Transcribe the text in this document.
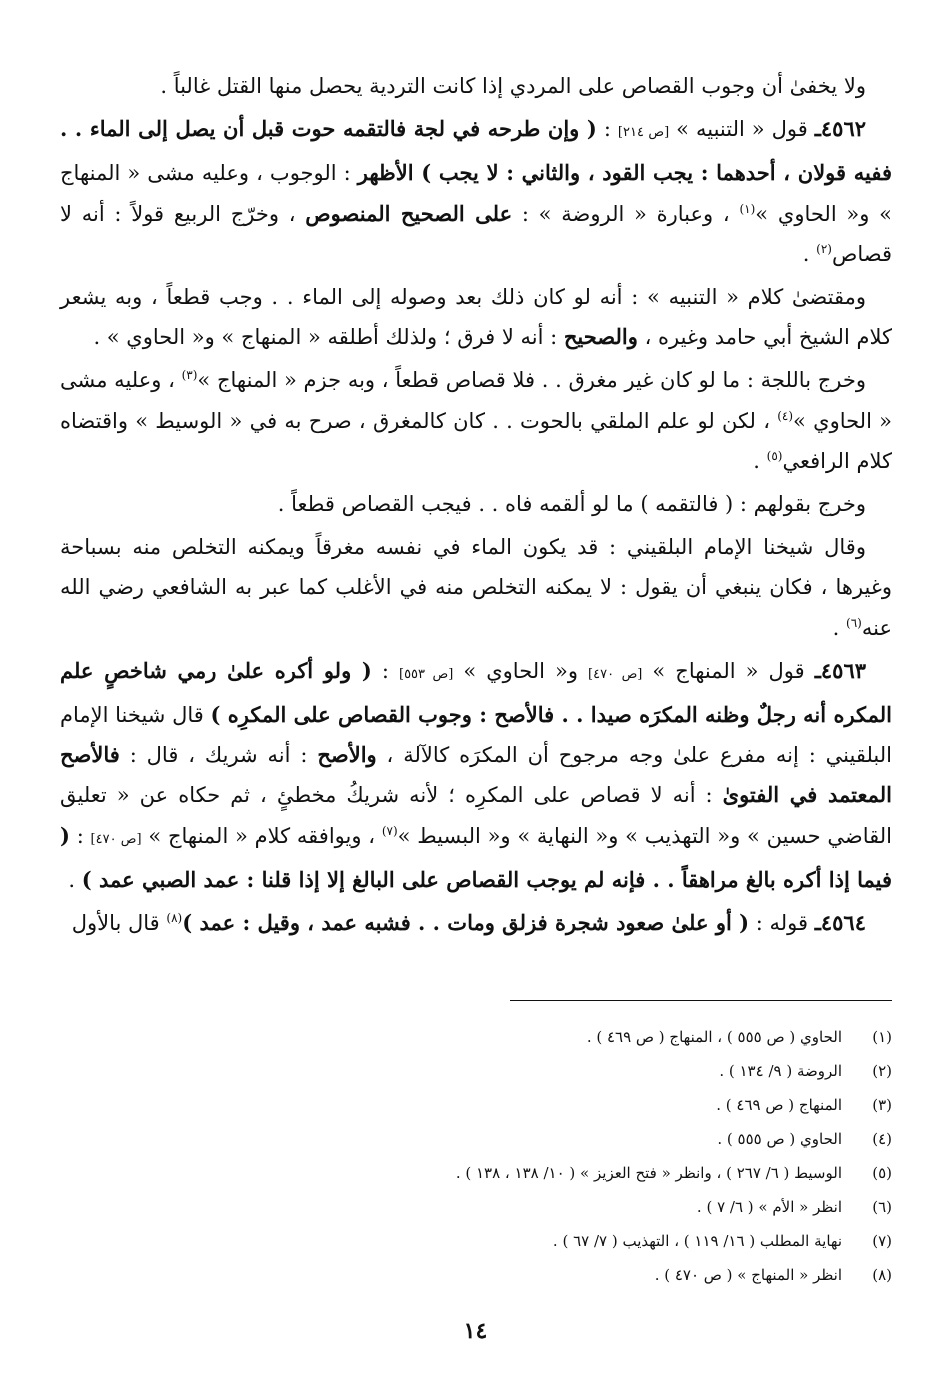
ولا يخفىٰ أن وجوب القصاص على المردي إذا كانت التردية يحصل منها القتل غالباً .

٤٥٦٢ـ قول « التنبيه » [ص ٢١٤] : ( وإن طرحه في لجة فالتقمه حوت قبل أن يصل إلى الماء . . ففيه قولان ، أحدهما : يجب القود ، والثاني : لا يجب ) الأظهر : الوجوب ، وعليه مشى « المنهاج » و« الحاوي »$^{(١)}$ ، وعبارة « الروضة » : على الصحيح المنصوص ، وخرّج الربيع قولاً : أنه لا قصاص$^{(٢)}$ .

ومقتضىٰ كلام « التنبيه » : أنه لو كان ذلك بعد وصوله إلى الماء . . وجب قطعاً ، وبه يشعر كلام الشيخ أبي حامد وغيره ، والصحيح : أنه لا فرق ؛ ولذلك أطلقه « المنهاج » و« الحاوي » .

وخرج باللجة : ما لو كان غير مغرق . . فلا قصاص قطعاً ، وبه جزم « المنهاج »$^{(٣)}$ ، وعليه مشى « الحاوي »$^{(٤)}$ ، لكن لو علم الملقي بالحوت . . كان كالمغرق ، صرح به في « الوسيط » واقتضاه كلام الرافعي$^{(٥)}$ .

وخرج بقولهم : ( فالتقمه ) ما لو ألقمه فاه . . فيجب القصاص قطعاً .

وقال شيخنا الإمام البلقيني : قد يكون الماء في نفسه مغرقاً ويمكنه التخلص منه بسباحة وغيرها ، فكان ينبغي أن يقول : لا يمكنه التخلص منه في الأغلب كما عبر به الشافعي رضي الله عنه$^{(٦)}$ .

٤٥٦٣ـ قول « المنهاج » [ص ٤٧٠] و« الحاوي » [ص ٥٥٣] : ( ولو أكره علىٰ رمي شاخصٍ علم المكره أنه رجلٌ وظنه المكرَه صيدا . . فالأصح : وجوب القصاص على المكرِه ) قال شيخنا الإمام البلقيني : إنه مفرع علىٰ وجه مرجوح أن المكرَه كالآلة ، والأصح : أنه شريك ، قال : فالأصح المعتمد في الفتوىٰ : أنه لا قصاص على المكرِه ؛ لأنه شريكُ مخطئٍ ، ثم حكاه عن « تعليق القاضي حسين » و« التهذيب » و« النهاية » و« البسيط »$^{(٧)}$ ، ويوافقه كلام « المنهاج » [ص ٤٧٠] : ( فيما إذا أكره بالغ مراهقاً . . فإنه لم يوجب القصاص على البالغ إلا إذا قلنا : عمد الصبي عمد ) .

٤٥٦٤ـ قوله : ( أو علىٰ صعود شجرة فزلق ومات . . فشبه عمد ، وقيل : عمد )$^{(٨)}$ قال بالأول

(١)
الحاوي ( ص ٥٥٥ ) ، المنهاج ( ص ٤٦٩ ) .
(٢)
الروضة ( ٩/ ١٣٤ ) .
(٣)
المنهاج ( ص ٤٦٩ ) .
(٤)
الحاوي ( ص ٥٥٥ ) .
(٥)
الوسيط ( ٦/ ٢٦٧ ) ، وانظر « فتح العزيز » ( ١٠/ ١٣٨ ، ١٣٨ ) .
(٦)
انظر « الأم » ( ٦/ ٧ ) .
(٧)
نهاية المطلب ( ١٦/ ١١٩ ) ، التهذيب ( ٧/ ٦٧ ) .
(٨)
انظر « المنهاج » ( ص ٤٧٠ ) .
١٤
